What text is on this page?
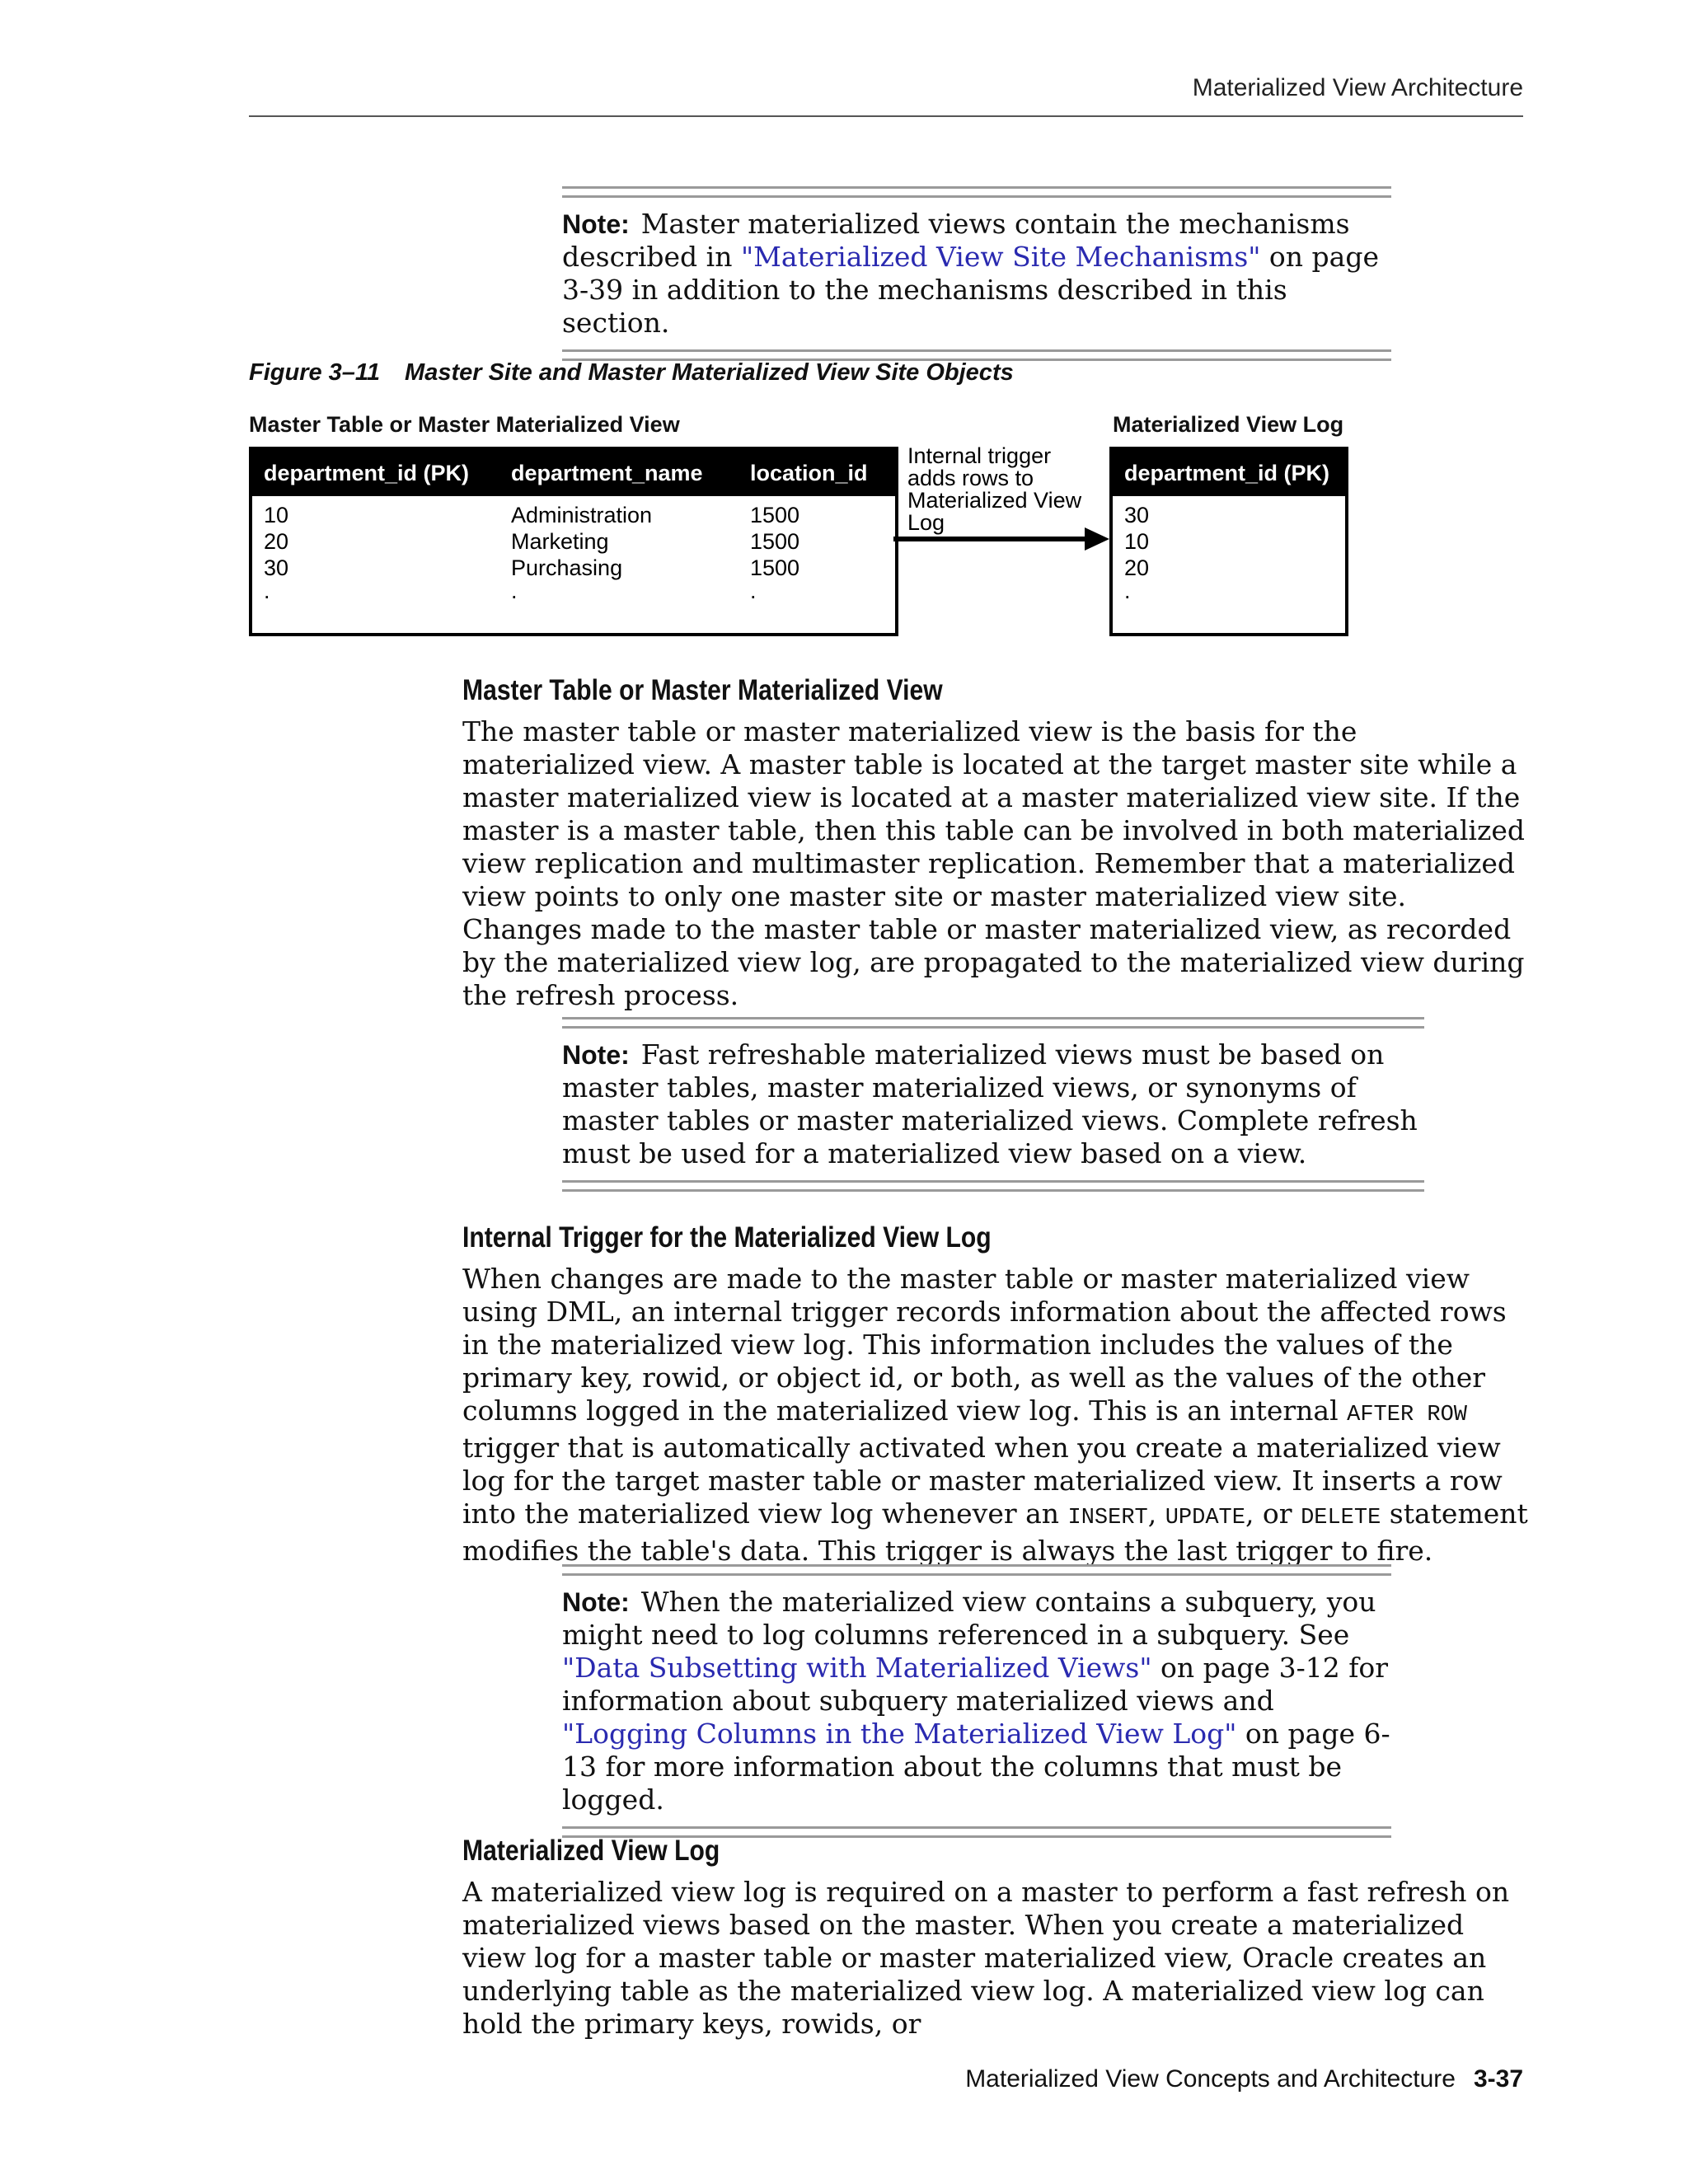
Materialized View Architecture
Note: Master materialized views contain the mechanisms described in "Materialized View Site Mechanisms" on page 3-39 in addition to the mechanisms described in this section.
Figure 3–11 Master Site and Master Materialized View Site Objects
Master Table or Master Materialized View
department_id (PK) department_name location_id
10	Administration	1500
20	Marketing	1500
30	Purchasing	1500
.	.	.
Internal trigger
adds rows to
Materialized View
Log
Materialized View Log
department_id (PK)
30
10
20
.
Master Table or Master Materialized View
The master table or master materialized view is the basis for the materialized view. A master table is located at the target master site while a master materialized view is located at a master materialized view site. If the master is a master table, then this table can be involved in both materialized view replication and multimaster replication. Remember that a materialized view points to only one master site or master materialized view site. Changes made to the master table or master materialized view, as recorded by the materialized view log, are propagated to the materialized view during the refresh process.
Note: Fast refreshable materialized views must be based on master tables, master materialized views, or synonyms of master tables or master materialized views. Complete refresh must be used for a materialized view based on a view.
Internal Trigger for the Materialized View Log
When changes are made to the master table or master materialized view using DML, an internal trigger records information about the affected rows in the materialized view log. This information includes the values of the primary key, rowid, or object id, or both, as well as the values of the other columns logged in the materialized view log. This is an internal AFTER ROW trigger that is automatically activated when you create a materialized view log for the target master table or master materialized view. It inserts a row into the materialized view log whenever an INSERT, UPDATE, or DELETE statement modifies the table's data. This trigger is always the last trigger to fire.
Note: When the materialized view contains a subquery, you might need to log columns referenced in a subquery. See "Data Subsetting with Materialized Views" on page 3-12 for information about subquery materialized views and "Logging Columns in the Materialized View Log" on page 6-13 for more information about the columns that must be logged.
Materialized View Log
A materialized view log is required on a master to perform a fast refresh on materialized views based on the master. When you create a materialized view log for a master table or master materialized view, Oracle creates an underlying table as the materialized view log. A materialized view log can hold the primary keys, rowids, or
Materialized View Concepts and Architecture 3-37
